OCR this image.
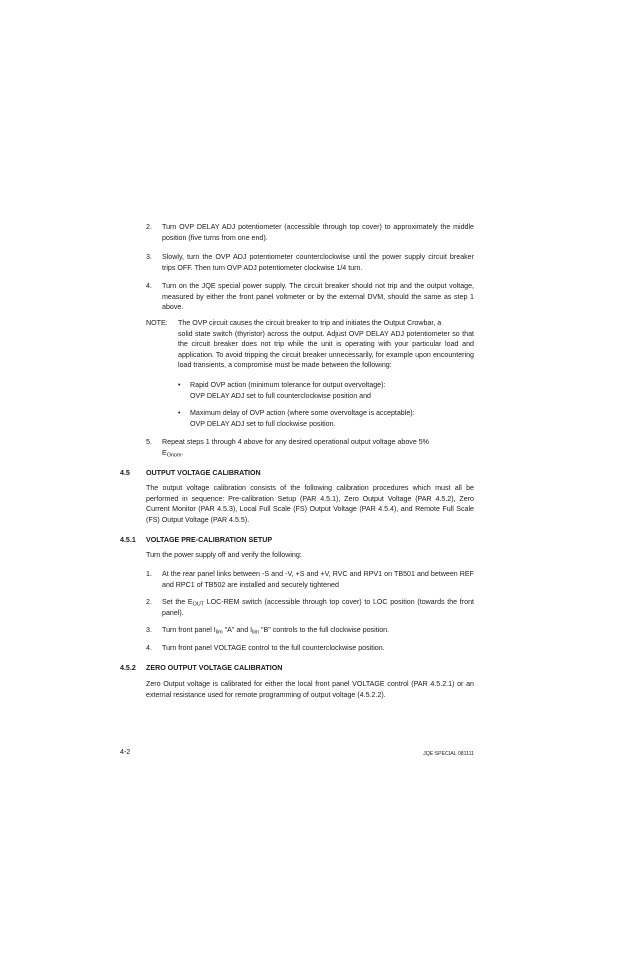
2. Turn OVP DELAY ADJ potentiometer (accessible through top cover) to approximately the middle position (five turns from one end).
3. Slowly, turn the OVP ADJ potentiometer counterclockwise until the power supply circuit breaker trips OFF. Then turn OVP ADJ potentiometer clockwise 1/4 turn.
4. Turn on the JQE special power supply. The circuit breaker should not trip and the output voltage, measured by either the front panel voltmeter or by the external DVM, should the same as step 1 above.
NOTE: The OVP circuit causes the circuit breaker to trip and initiates the Output Crowbar, a
solid state switch (thyristor) across the output. Adjust OVP DELAY ADJ potentiometer so that the circuit breaker does not trip while the unit is operating with your particular load and application. To avoid tripping the circuit breaker unnecessarily, for example upon encountering load transients, a compromise must be made between the following:
• Rapid OVP action (minimum tolerance for output overvoltage):
OVP DELAY ADJ set to full counterclockwise position and
• Maximum delay of OVP action (where some overvoltage is acceptable):
OVP DELAY ADJ set to full clockwise position.
5. Repeat steps 1 through 4 above for any desired operational output voltage above 5%
$E_{Onom}$.
4.5 OUTPUT VOLTAGE CALIBRATION
The output voltage calibration consists of the following calibration procedures which must all be performed in sequence: Pre-calibration Setup (PAR 4.5.1), Zero Output Voltage (PAR 4.5.2), Zero Current Monitor (PAR 4.5.3), Local Full Scale (FS) Output Voltage (PAR 4.5.4), and Remote Full Scale (FS) Output Voltage (PAR 4.5.5).
4.5.1 VOLTAGE PRE-CALIBRATION SETUP
Turn the power supply off and verify the following:
1. At the rear panel links between -S and -V, +S and +V, RVC and RPV1 on TB501 and between REF and RPC1 of TB502 are installed and securely tightened
2. Set the $E_{OUT}$ LOC-REM switch (accessible through top cover) to LOC position (towards the front panel).
3. Turn front panel $I_{lim}$ "A" and $I_{lim}$ "B" controls to the full clockwise position.
4. Turn front panel VOLTAGE control to the full counterclockwise position.
4.5.2 ZERO OUTPUT VOLTAGE CALIBRATION
Zero Output voltage is calibrated for either the local front panel VOLTAGE control (PAR 4.5.2.1) or an external resistance used for remote programming of output voltage (4.5.2.2).
4-2	JQE SPECIAL 081111
